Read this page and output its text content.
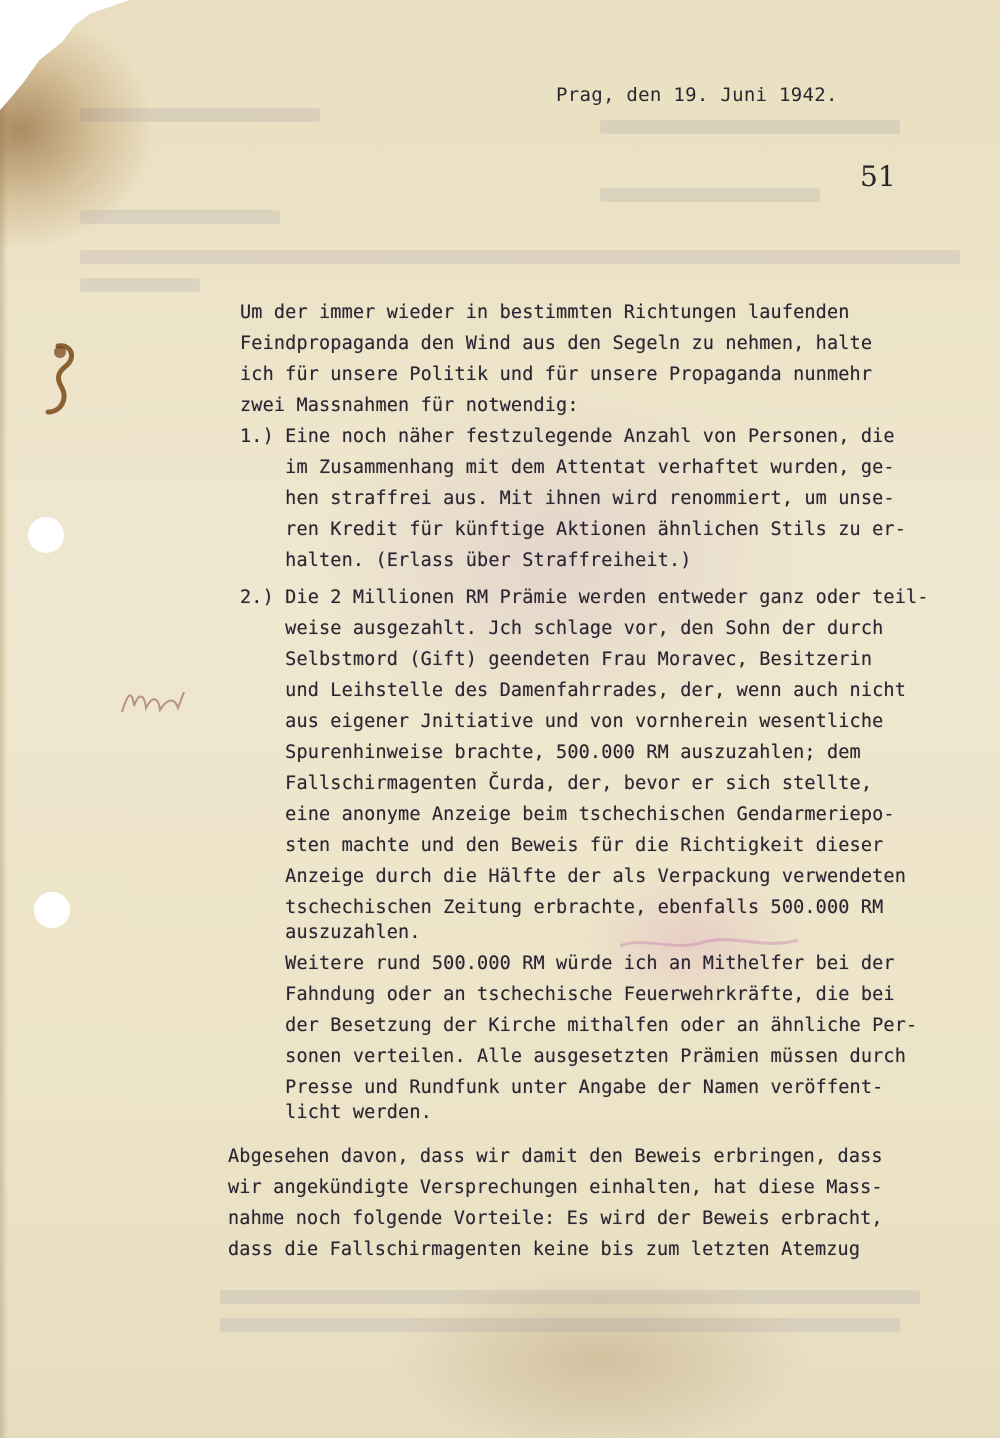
Prag, den 19. Juni 1942.
51
Um der immer wieder in bestimmten Richtungen laufenden
Feindpropaganda den Wind aus den Segeln zu nehmen, halte
ich für unsere Politik und für unsere Propaganda nunmehr
zwei Massnahmen für notwendig:
1.) Eine noch näher festzulegende Anzahl von Personen, die
im Zusammenhang mit dem Attentat verhaftet wurden, ge-
hen straffrei aus. Mit ihnen wird renommiert, um unse-
ren Kredit für künftige Aktionen ähnlichen Stils zu er-
halten. (Erlass über Straffreiheit.)
2.) Die 2 Millionen RM Prämie werden entweder ganz oder teil-
weise ausgezahlt. Jch schlage vor, den Sohn der durch
Selbstmord (Gift) geendeten Frau Moravec, Besitzerin
und Leihstelle des Damenfahrrades, der, wenn auch nicht
aus eigener Jnitiative und von vornherein wesentliche
Spurenhinweise brachte, 500.000 RM auszuzahlen; dem
Fallschirmagenten Čurda, der, bevor er sich stellte,
eine anonyme Anzeige beim tschechischen Gendarmeriepo-
sten machte und den Beweis für die Richtigkeit dieser
Anzeige durch die Hälfte der als Verpackung verwendeten
tschechischen Zeitung erbrachte, ebenfalls 500.000 RM
auszuzahlen.
Weitere rund 500.000 RM würde ich an Mithelfer bei der
Fahndung oder an tschechische Feuerwehrkräfte, die bei
der Besetzung der Kirche mithalfen oder an ähnliche Per-
sonen verteilen. Alle ausgesetzten Prämien müssen durch
Presse und Rundfunk unter Angabe der Namen veröffent-
licht werden.
Abgesehen davon, dass wir damit den Beweis erbringen, dass
wir angekündigte Versprechungen einhalten, hat diese Mass-
nahme noch folgende Vorteile: Es wird der Beweis erbracht,
dass die Fallschirmagenten keine bis zum letzten Atemzug
